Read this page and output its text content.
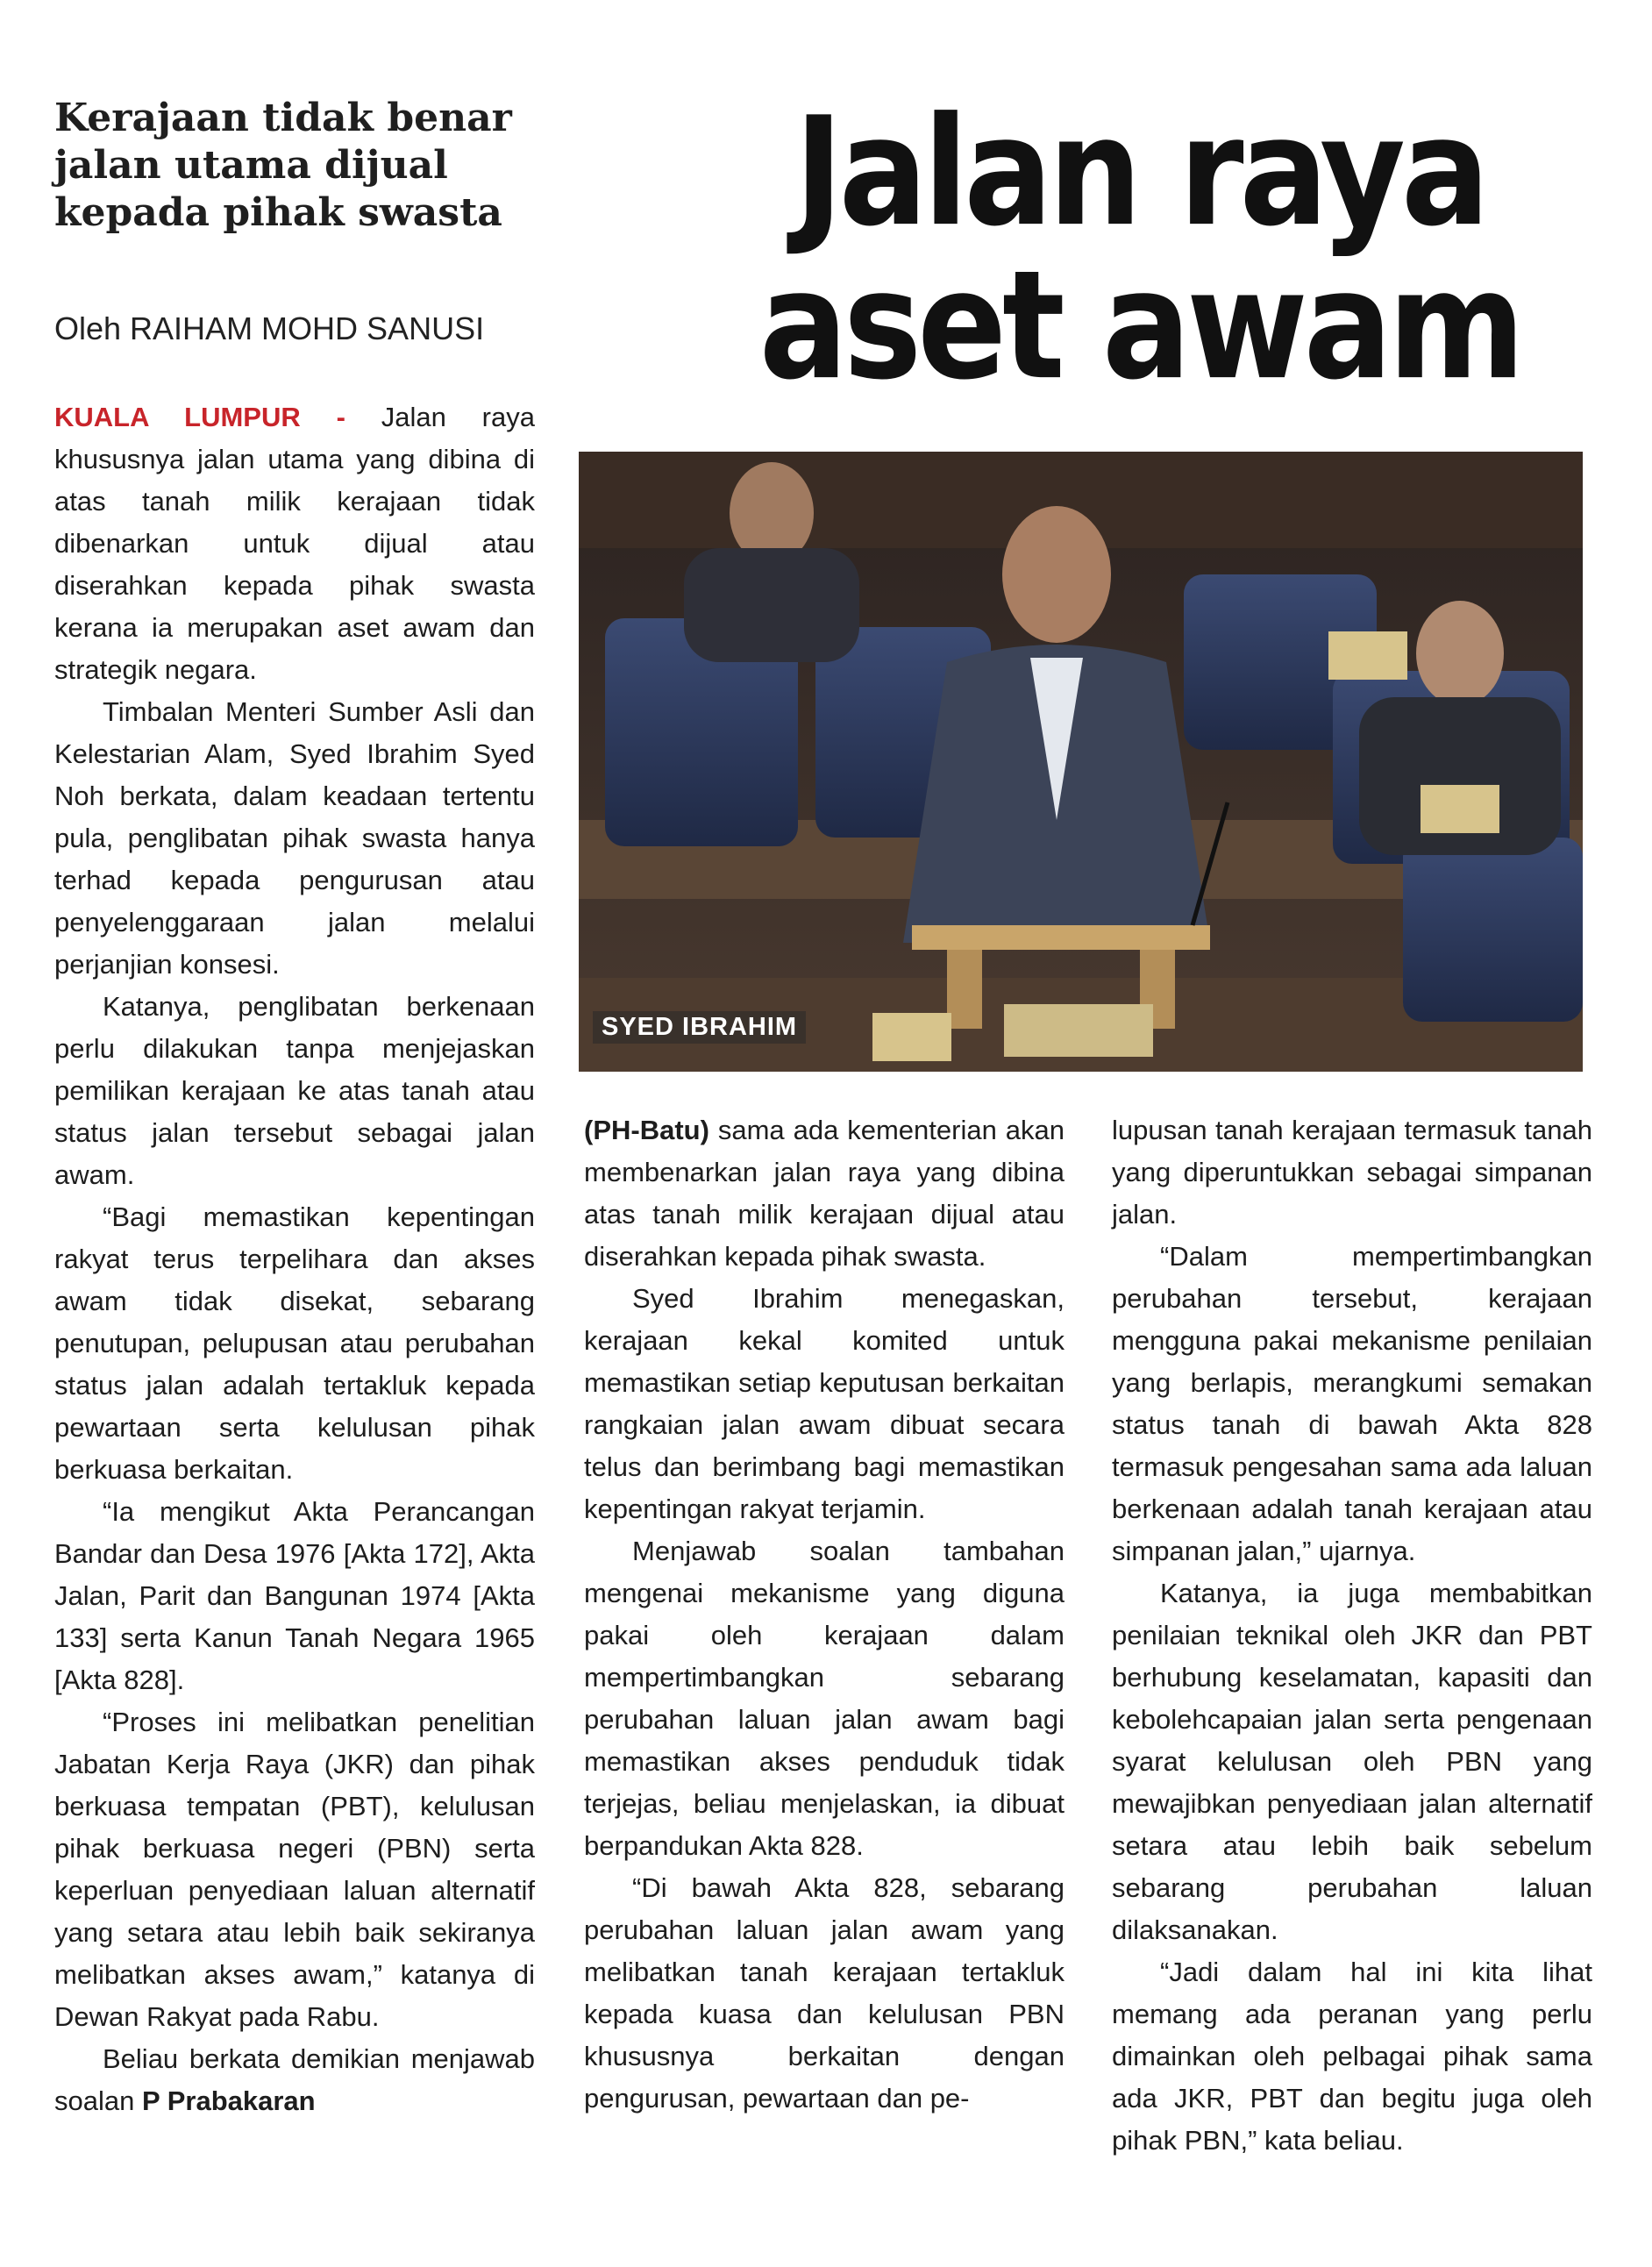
Kerajaan tidak benar
jalan utama dijual
kepada pihak swasta
Oleh RAIHAM MOHD SANUSI
Jalan raya
aset awam
SYED IBRAHIM

KUALA LUMPUR - Jalan raya khususnya jalan utama yang dibina di atas tanah milik kerajaan tidak dibenarkan untuk dijual atau diserahkan kepada pihak swasta kerana ia merupakan aset awam dan strategik negara.

Timbalan Menteri Sumber Asli dan Kelestarian Alam, Syed Ibrahim Syed Noh berkata, dalam keadaan tertentu pula, penglibatan pihak swasta hanya terhad kepada pengurusan atau penyelenggaraan jalan melalui perjanjian konsesi.

Katanya, penglibatan berkenaan perlu dilakukan tanpa menjejaskan pemilikan kerajaan ke atas tanah atau status jalan tersebut sebagai jalan awam.

“Bagi memastikan kepentingan rakyat terus terpelihara dan akses awam tidak disekat, sebarang penutupan, pelupusan atau perubahan status jalan adalah tertakluk kepada pewartaan serta kelulusan pihak berkuasa berkaitan.

“Ia mengikut Akta Perancangan Bandar dan Desa 1976 [Akta 172], Akta Jalan, Parit dan Bangunan 1974 [Akta 133] serta Kanun Tanah Negara 1965 [Akta 828].

“Proses ini melibatkan penelitian Jabatan Kerja Raya (JKR) dan pihak berkuasa tempatan (PBT), kelulusan pihak berkuasa negeri (PBN) serta keperluan penyediaan laluan alternatif yang setara atau lebih baik sekiranya melibatkan akses awam,” katanya di Dewan Rakyat pada Rabu.

Beliau berkata demikian menjawab soalan P Prabakaran

(PH-Batu) sama ada kementerian akan membenarkan jalan raya yang dibina atas tanah milik kerajaan dijual atau diserahkan kepada pihak swasta.

Syed Ibrahim menegaskan, kerajaan kekal komited untuk memastikan setiap keputusan berkaitan rangkaian jalan awam dibuat secara telus dan berimbang bagi memastikan kepentingan rakyat terjamin.

Menjawab soalan tambahan mengenai mekanisme yang diguna pakai oleh kerajaan dalam mempertimbangkan sebarang perubahan laluan jalan awam bagi memastikan akses penduduk tidak terjejas, beliau menjelaskan, ia dibuat berpandukan Akta 828.

“Di bawah Akta 828, sebarang perubahan laluan jalan awam yang melibatkan tanah kerajaan tertakluk kepada kuasa dan kelulusan PBN khususnya berkaitan dengan pengurusan, pewartaan dan pe-

lupusan tanah kerajaan termasuk tanah yang diperuntukkan sebagai simpanan jalan.

“Dalam mempertimbangkan perubahan tersebut, kerajaan mengguna pakai mekanisme penilaian yang berlapis, merangkumi semakan status tanah di bawah Akta 828 termasuk pengesahan sama ada laluan berkenaan adalah tanah kerajaan atau simpanan jalan,” ujarnya.

Katanya, ia juga membabitkan penilaian teknikal oleh JKR dan PBT berhubung keselamatan, kapasiti dan kebolehcapaian jalan serta pengenaan syarat kelulusan oleh PBN yang mewajibkan penyediaan jalan alternatif setara atau lebih baik sebelum sebarang perubahan laluan dilaksanakan.

“Jadi dalam hal ini kita lihat memang ada peranan yang perlu dimainkan oleh pelbagai pihak sama ada JKR, PBT dan begitu juga oleh pihak PBN,” kata beliau.
